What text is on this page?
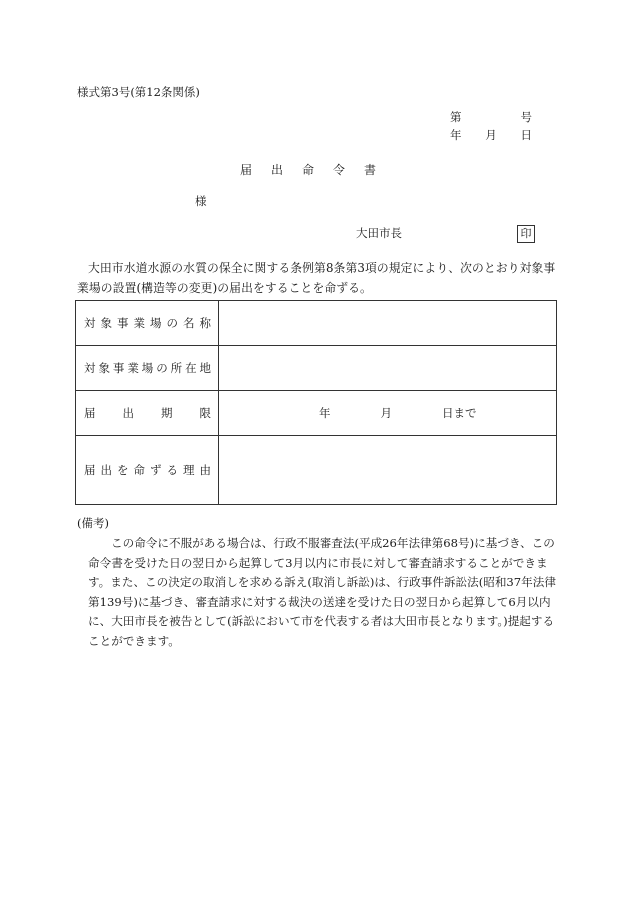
様式第3号(第12条関係)
第	号
年 月 日
届	出	命	令	書
様
大田市長	印
大田市水道水源の水質の保全に関する条例第8条第3項の規定により、次のとおり対象事業場の設置(構造等の変更)の届出をすることを命ずる。
対象事業場の名称	
対象事業場の所在地	
届出期限	年 月 日まで

届出を命ずる理由	
(備考)
この命令に不服がある場合は、行政不服審査法(平成26年法律第68号)に基づき、この命令書を受けた日の翌日から起算して3月以内に市長に対して審査請求することができます。また、この決定の取消しを求める訴え(取消し訴訟)は、行政事件訴訟法(昭和37年法律第139号)に基づき、審査請求に対する裁決の送達を受けた日の翌日から起算して6月以内に、大田市長を被告として(訴訟において市を代表する者は大田市長となります。)提起することができます。
